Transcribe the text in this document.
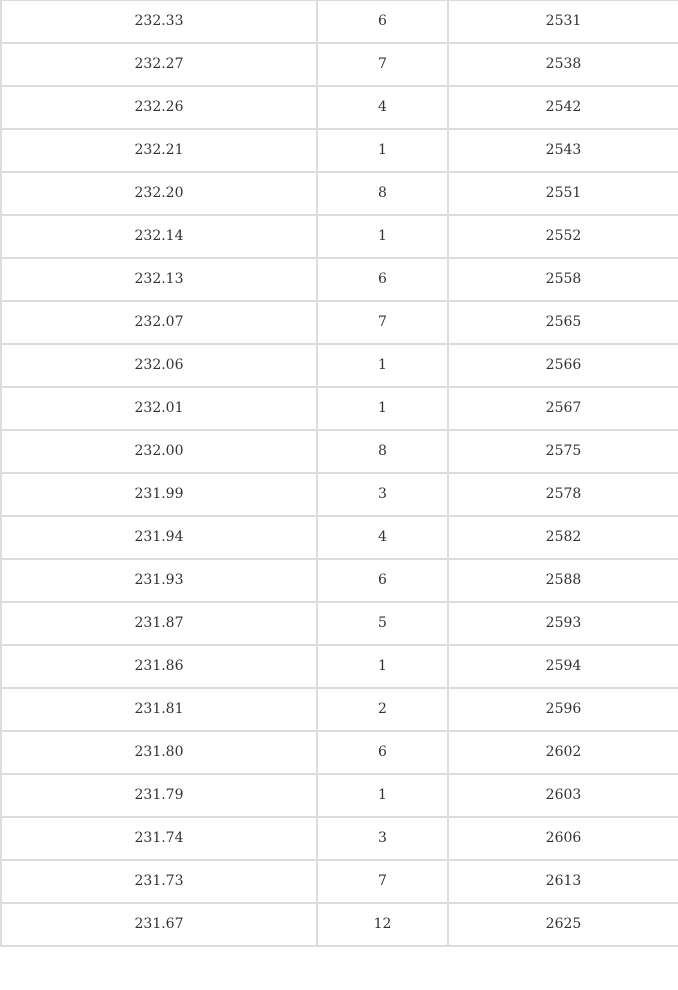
232.33	6	2531
232.27	7	2538
232.26	4	2542
232.21	1	2543
232.20	8	2551
232.14	1	2552
232.13	6	2558
232.07	7	2565
232.06	1	2566
232.01	1	2567
232.00	8	2575
231.99	3	2578
231.94	4	2582
231.93	6	2588
231.87	5	2593
231.86	1	2594
231.81	2	2596
231.80	6	2602
231.79	1	2603
231.74	3	2606
231.73	7	2613
231.67	12	2625
